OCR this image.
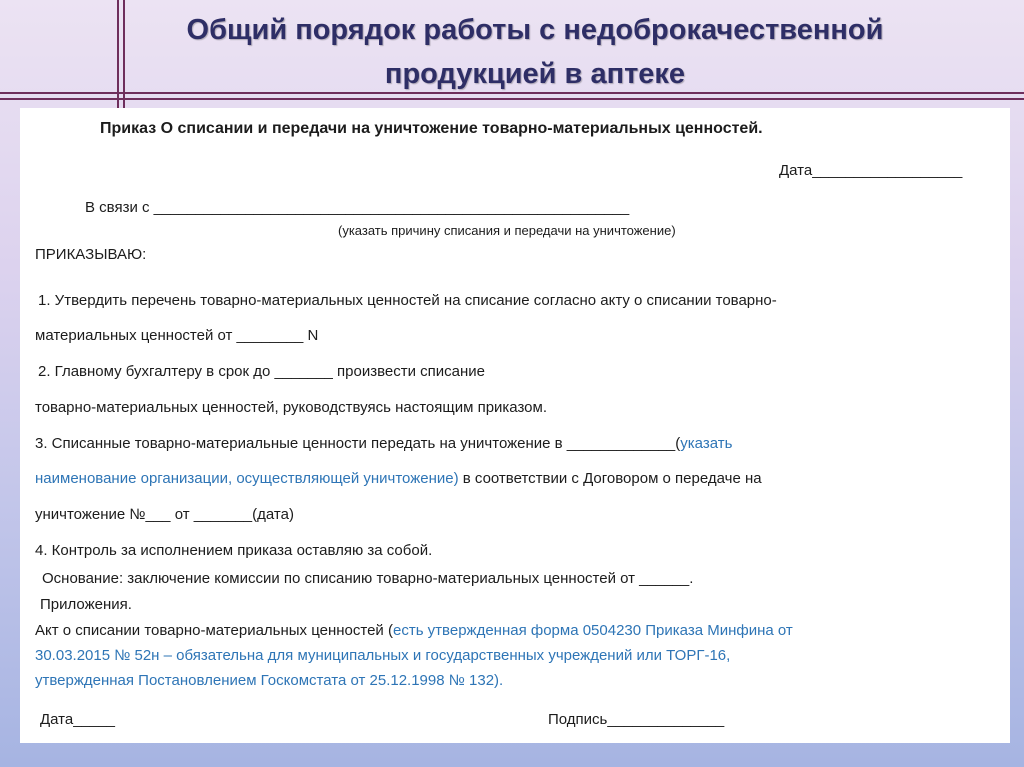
Общий порядок работы с недоброкачественной
продукцией в аптеке

Приказ О списании и передачи на уничтожение товарно-материальных ценностей.

Дата__________________

В связи с _________________________________________________________

(указать причину списания и передачи на уничтожение)

ПРИКАЗЫВАЮ:

1. Утвердить перечень товарно-материальных ценностей на списание согласно акту о списании товарно-

материальных ценностей от ________ N

2. Главному бухгалтеру в срок до _______ произвести списание

товарно-материальных ценностей, руководствуясь настоящим приказом.

3. Списанные товарно-материальные ценности передать на уничтожение в _____________(указать

наименование организации, осуществляющей уничтожение) в соответствии с Договором о передаче на

уничтожение №___ от _______(дата)

4. Контроль за исполнением приказа оставляю за собой.

Основание: заключение комиссии по списанию товарно-материальных ценностей от ______.

Приложения.

Акт о списании товарно-материальных ценностей (есть утвержденная форма 0504230 Приказа Минфина от

30.03.2015 № 52н – обязательна для муниципальных и государственных учреждений или ТОРГ-16,

утвержденная Постановлением Госкомстата от 25.12.1998 № 132).

Дата_____	Подпись______________
